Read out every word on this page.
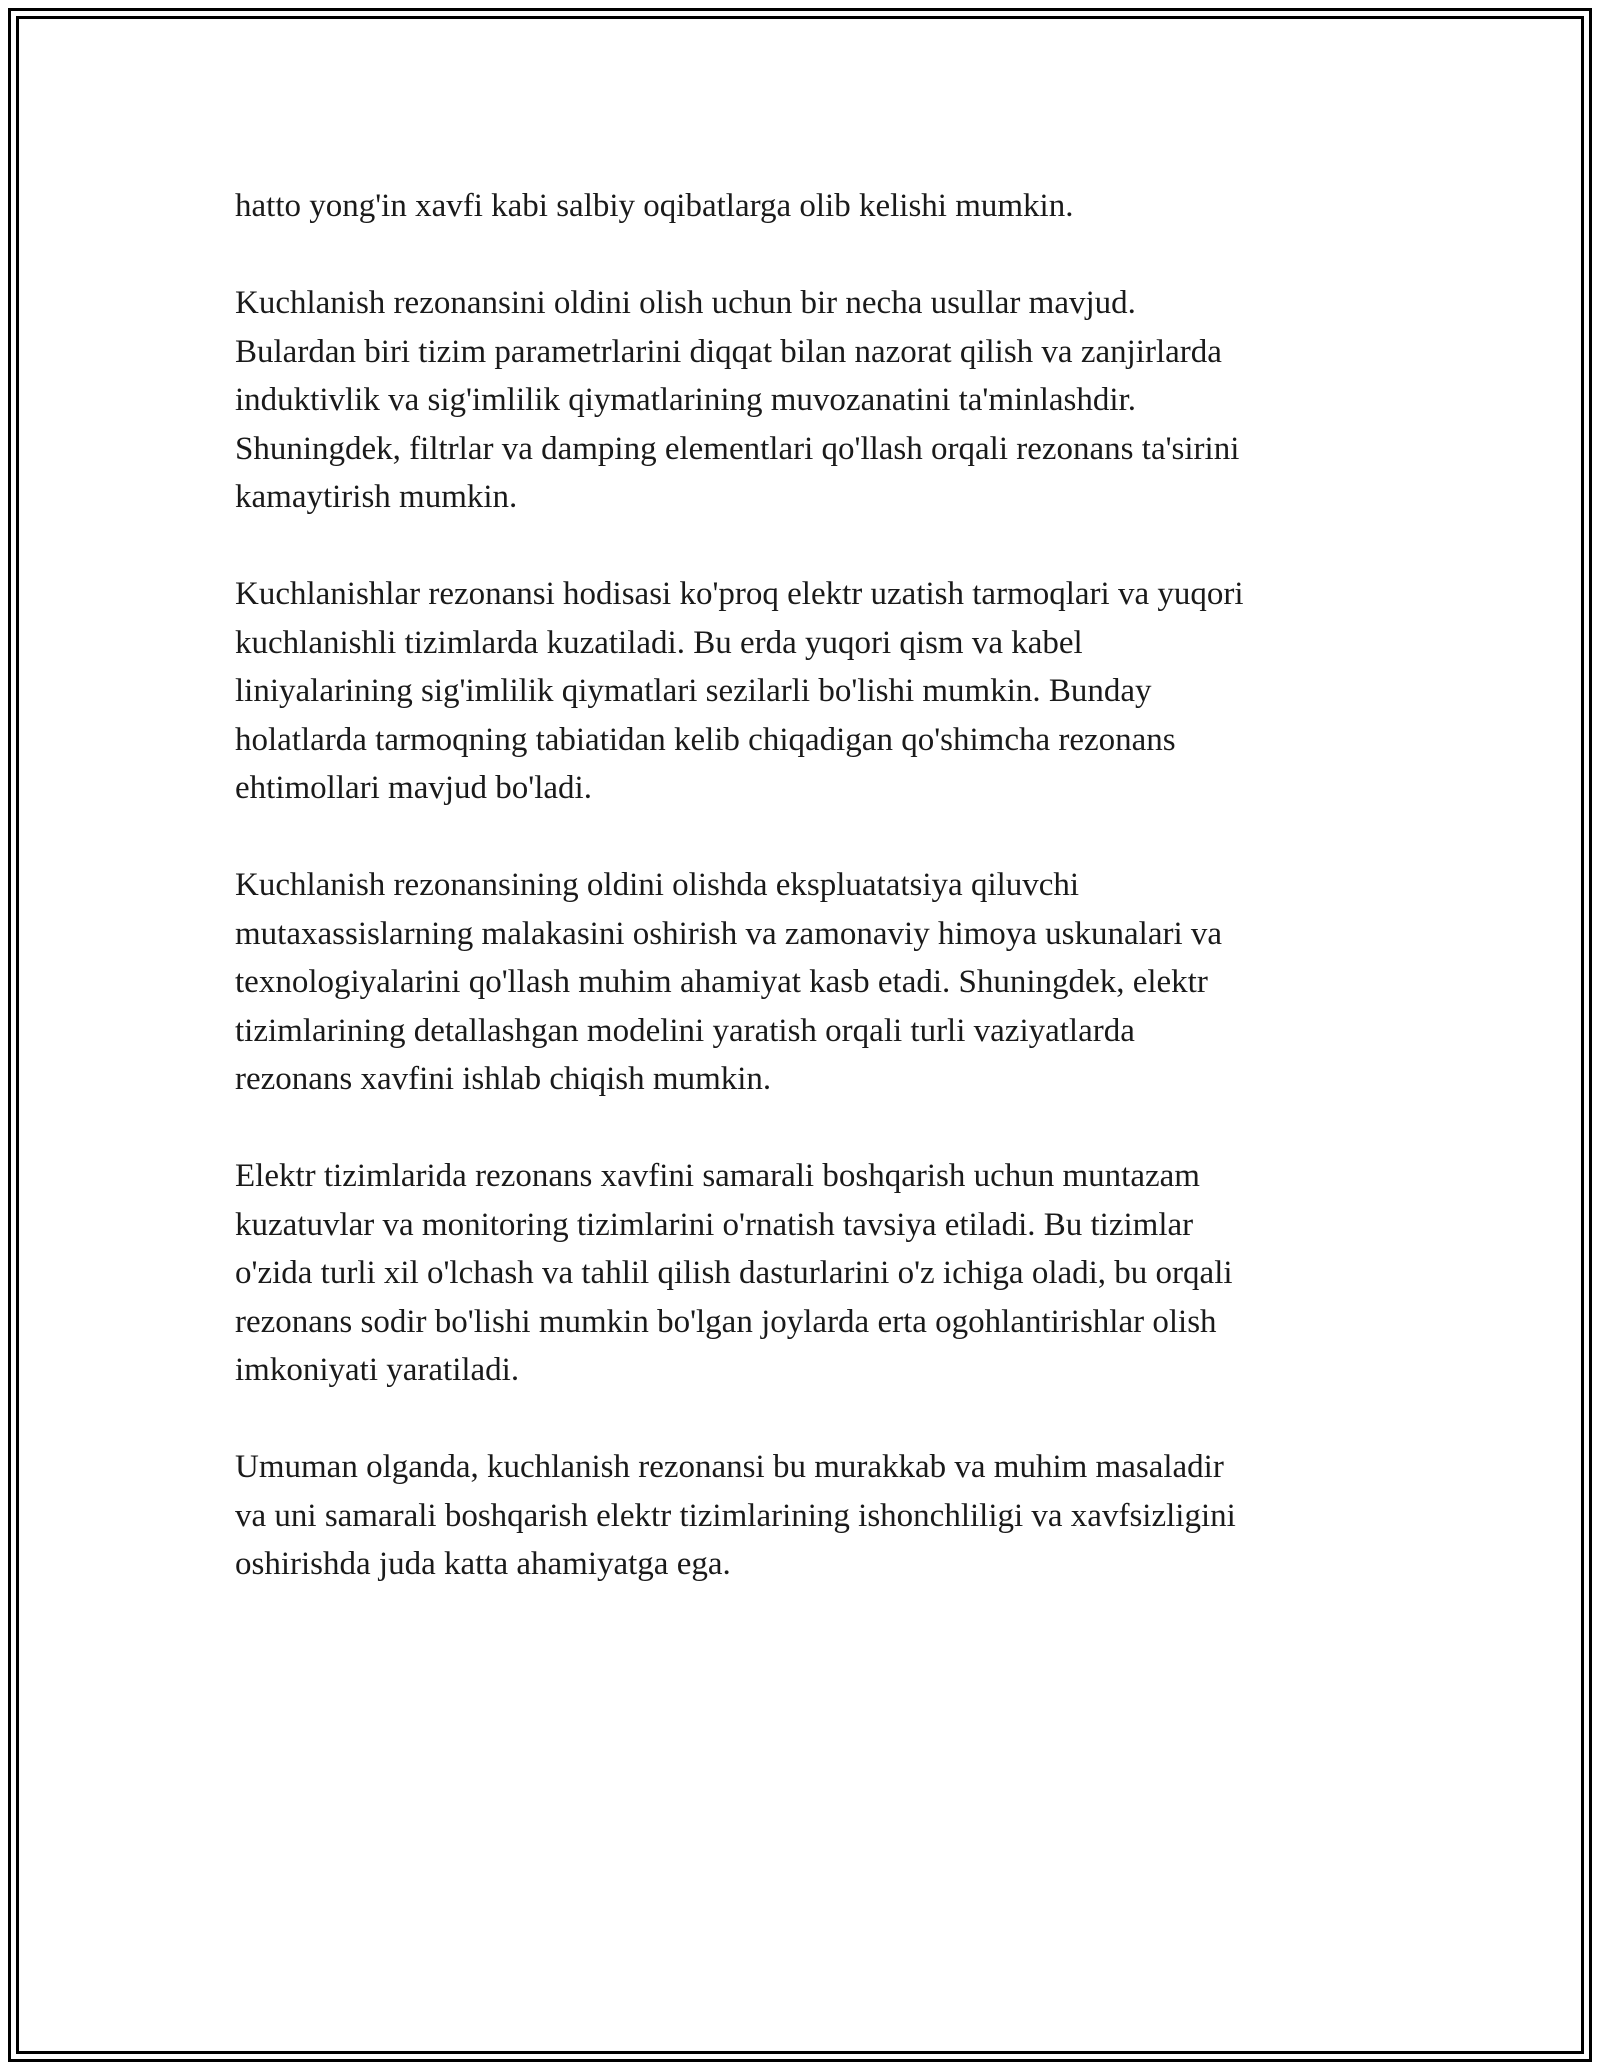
hatto yong'in xavfi kabi salbiy oqibatlarga olib kelishi mumkin.

Kuchlanish rezonansini oldini olish uchun bir necha usullar mavjud.
Bulardan biri tizim parametrlarini diqqat bilan nazorat qilish va zanjirlarda
induktivlik va sig'imlilik qiymatlarining muvozanatini ta'minlashdir.
Shuningdek, filtrlar va damping elementlari qo'llash orqali rezonans ta'sirini
kamaytirish mumkin.

Kuchlanishlar rezonansi hodisasi ko'proq elektr uzatish tarmoqlari va yuqori
kuchlanishli tizimlarda kuzatiladi. Bu erda yuqori qism va kabel
liniyalarining sig'imlilik qiymatlari sezilarli bo'lishi mumkin. Bunday
holatlarda tarmoqning tabiatidan kelib chiqadigan qo'shimcha rezonans
ehtimollari mavjud bo'ladi.

Kuchlanish rezonansining oldini olishda ekspluatatsiya qiluvchi
mutaxassislarning malakasini oshirish va zamonaviy himoya uskunalari va
texnologiyalarini qo'llash muhim ahamiyat kasb etadi. Shuningdek, elektr
tizimlarining detallashgan modelini yaratish orqali turli vaziyatlarda
rezonans xavfini ishlab chiqish mumkin.

Elektr tizimlarida rezonans xavfini samarali boshqarish uchun muntazam
kuzatuvlar va monitoring tizimlarini o'rnatish tavsiya etiladi. Bu tizimlar
o'zida turli xil o'lchash va tahlil qilish dasturlarini o'z ichiga oladi, bu orqali
rezonans sodir bo'lishi mumkin bo'lgan joylarda erta ogohlantirishlar olish
imkoniyati yaratiladi.

Umuman olganda, kuchlanish rezonansi bu murakkab va muhim masaladir
va uni samarali boshqarish elektr tizimlarining ishonchliligi va xavfsizligini
oshirishda juda katta ahamiyatga ega.
